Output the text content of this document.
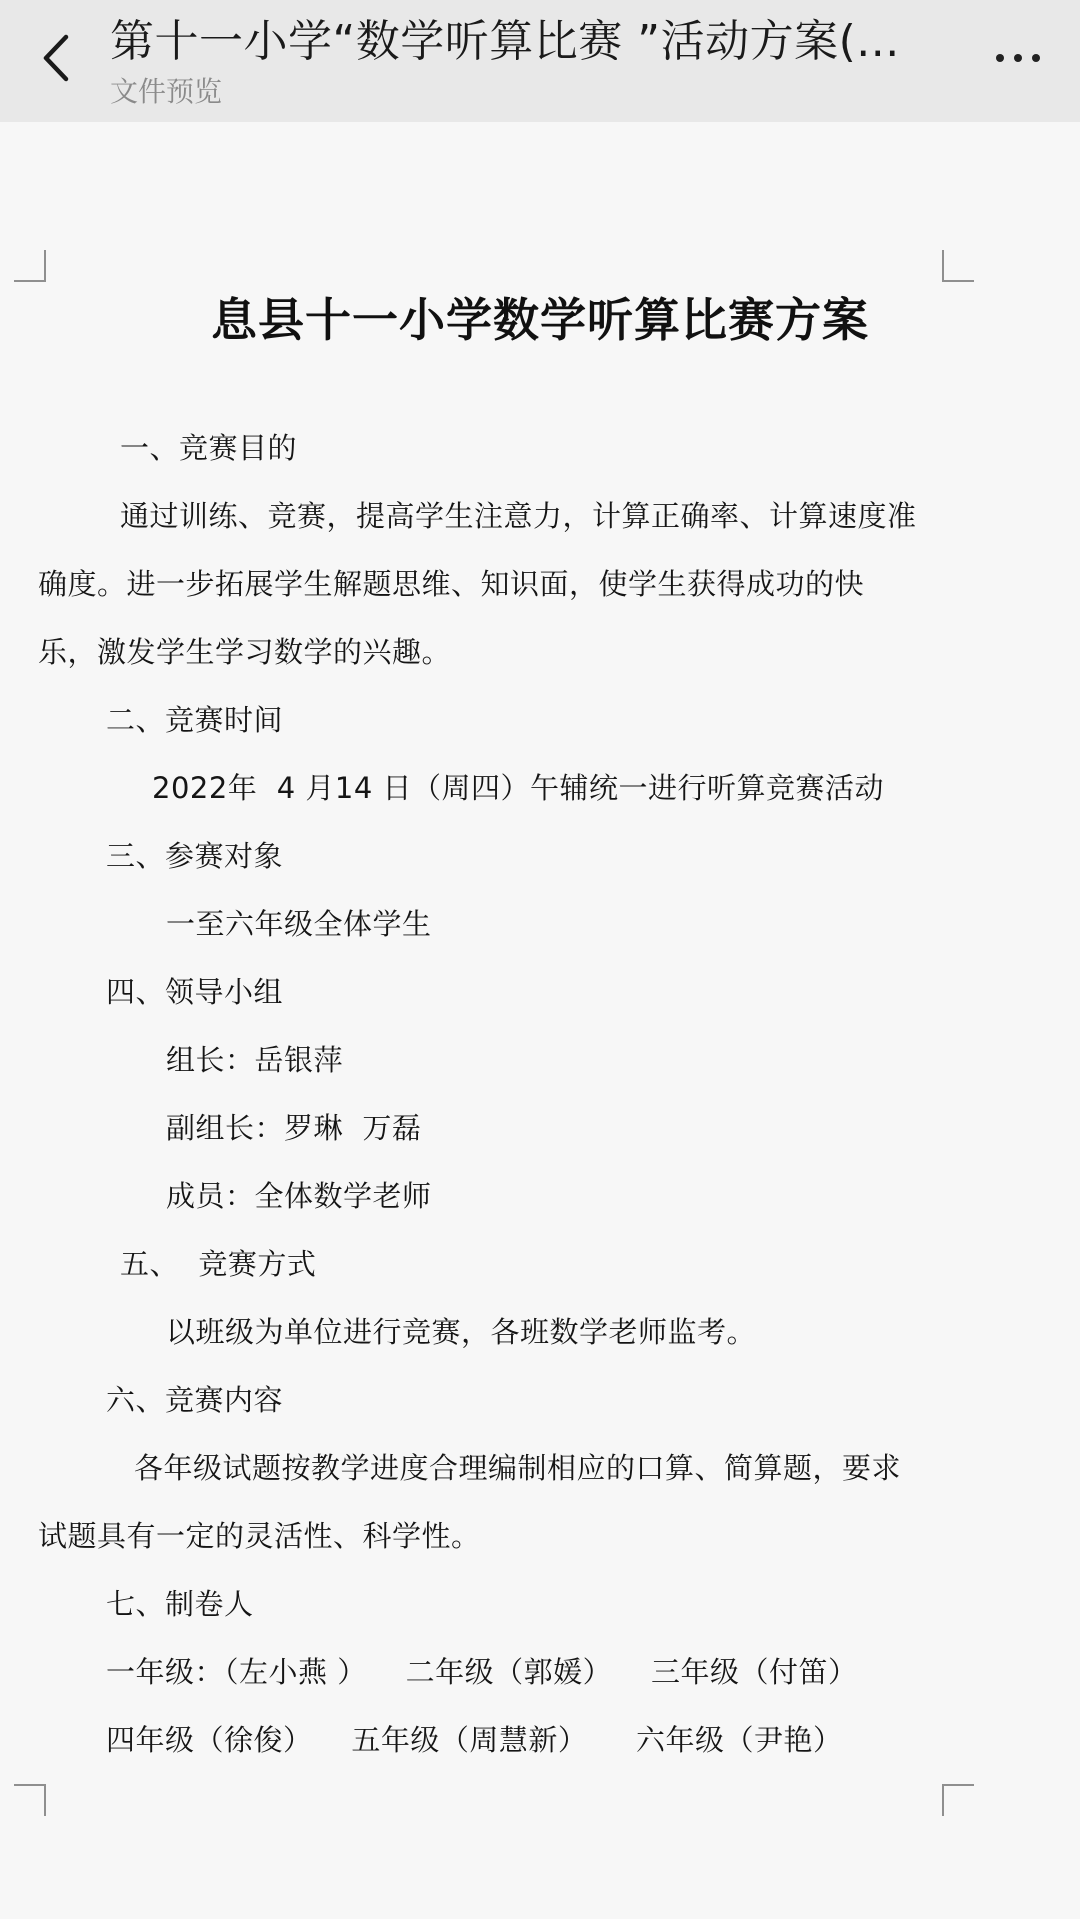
第十一小学“数学听算比赛 ”活动方案(...
文件预览
息县十一小学数学听算比赛方案
一、竞赛目的
通过训练、竞赛，提高学生注意力，计算正确率、计算速度准
确度。进一步拓展学生解题思维、知识面，使学生获得成功的快
乐，激发学生学习数学的兴趣。
二、竞赛时间
2022年  4 月14 日（周四）午辅统一进行听算竞赛活动
三、参赛对象
一至六年级全体学生
四、领导小组
组长：岳银萍
副组长：罗琳  万磊
成员：全体数学老师
五、  竞赛方式
以班级为单位进行竞赛，各班数学老师监考。
六、竞赛内容
各年级试题按教学进度合理编制相应的口算、简算题，要求
试题具有一定的灵活性、科学性。
七、制卷人
一年级：（左小燕 ）    二年级（郭媛）    三年级（付笛）
四年级（徐俊）    五年级（周慧新）     六年级（尹艳）
